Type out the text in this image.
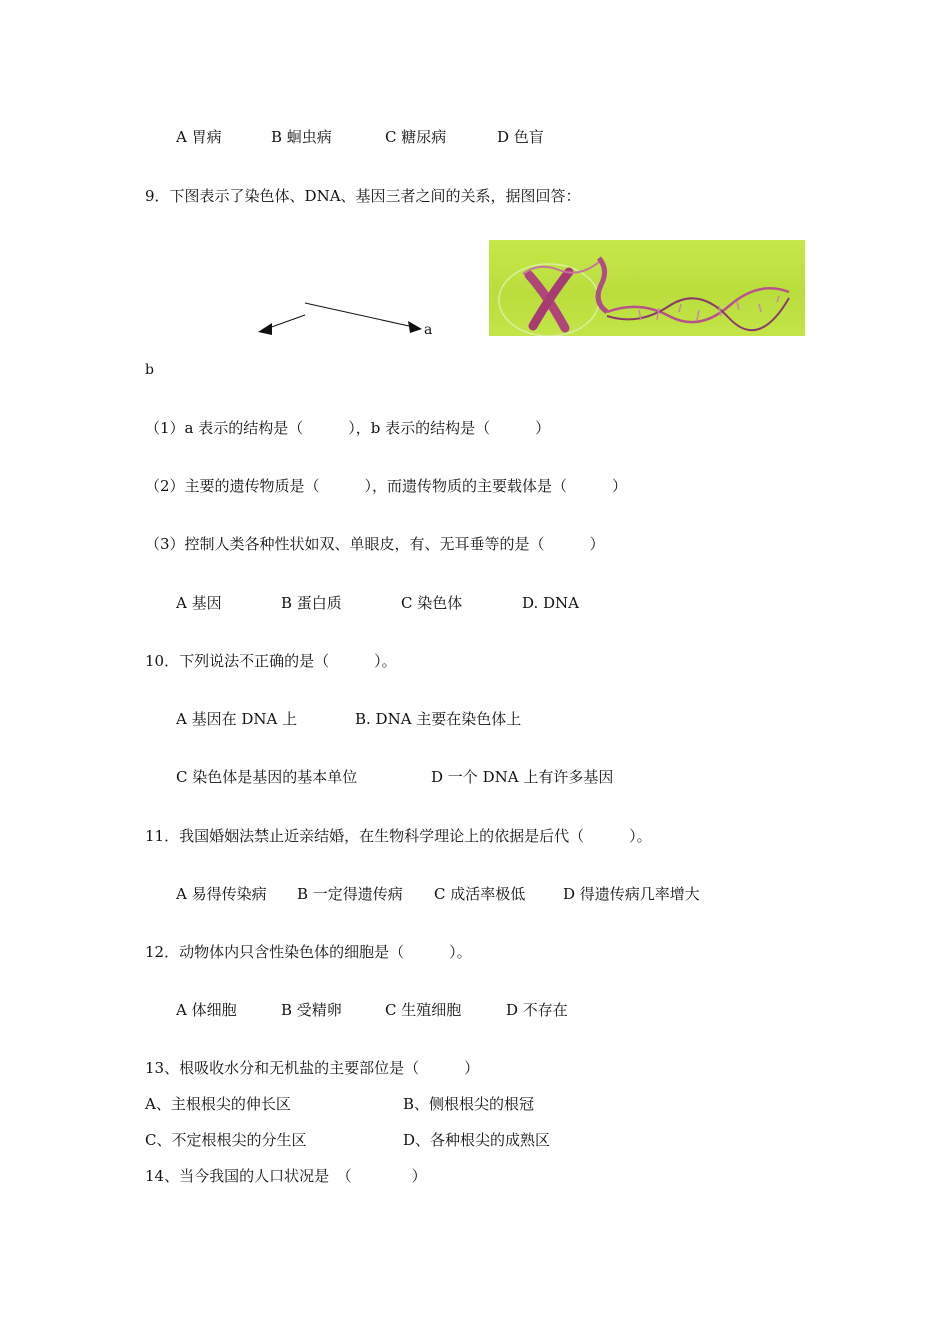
A 胃病	B 蛔虫病	C 糖尿病	D 色盲
9．下图表示了染色体、DNA、基因三者之间的关系，据图回答：
a
b
（1）a 表示的结构是（　　　），b 表示的结构是（　　　）
（2）主要的遗传物质是（　　　），而遗传物质的主要载体是（　　　）
（3）控制人类各种性状如双、单眼皮，有、无耳垂等的是（　　　）
A 基因	B 蛋白质	C 染色体	D. DNA
10．下列说法不正确的是（　　　）。
A 基因在 DNA 上	B. DNA 主要在染色体上
C 染色体是基因的基本单位	D 一个 DNA 上有许多基因
11．我国婚姻法禁止近亲结婚，在生物科学理论上的依据是后代（　　　）。
A 易得传染病 B 一定得遗传病 C 成活率极低	D 得遗传病几率增大
12．动物体内只含性染色体的细胞是（　　　）。
A 体细胞	B 受精卵	C 生殖细胞	D 不存在
13、根吸收水分和无机盐的主要部位是（　　　）
A、主根根尖的伸长区	B、侧根根尖的根冠
C、不定根根尖的分生区	D、各种根尖的成熟区
14、当今我国的人口状况是　（　　　　）
